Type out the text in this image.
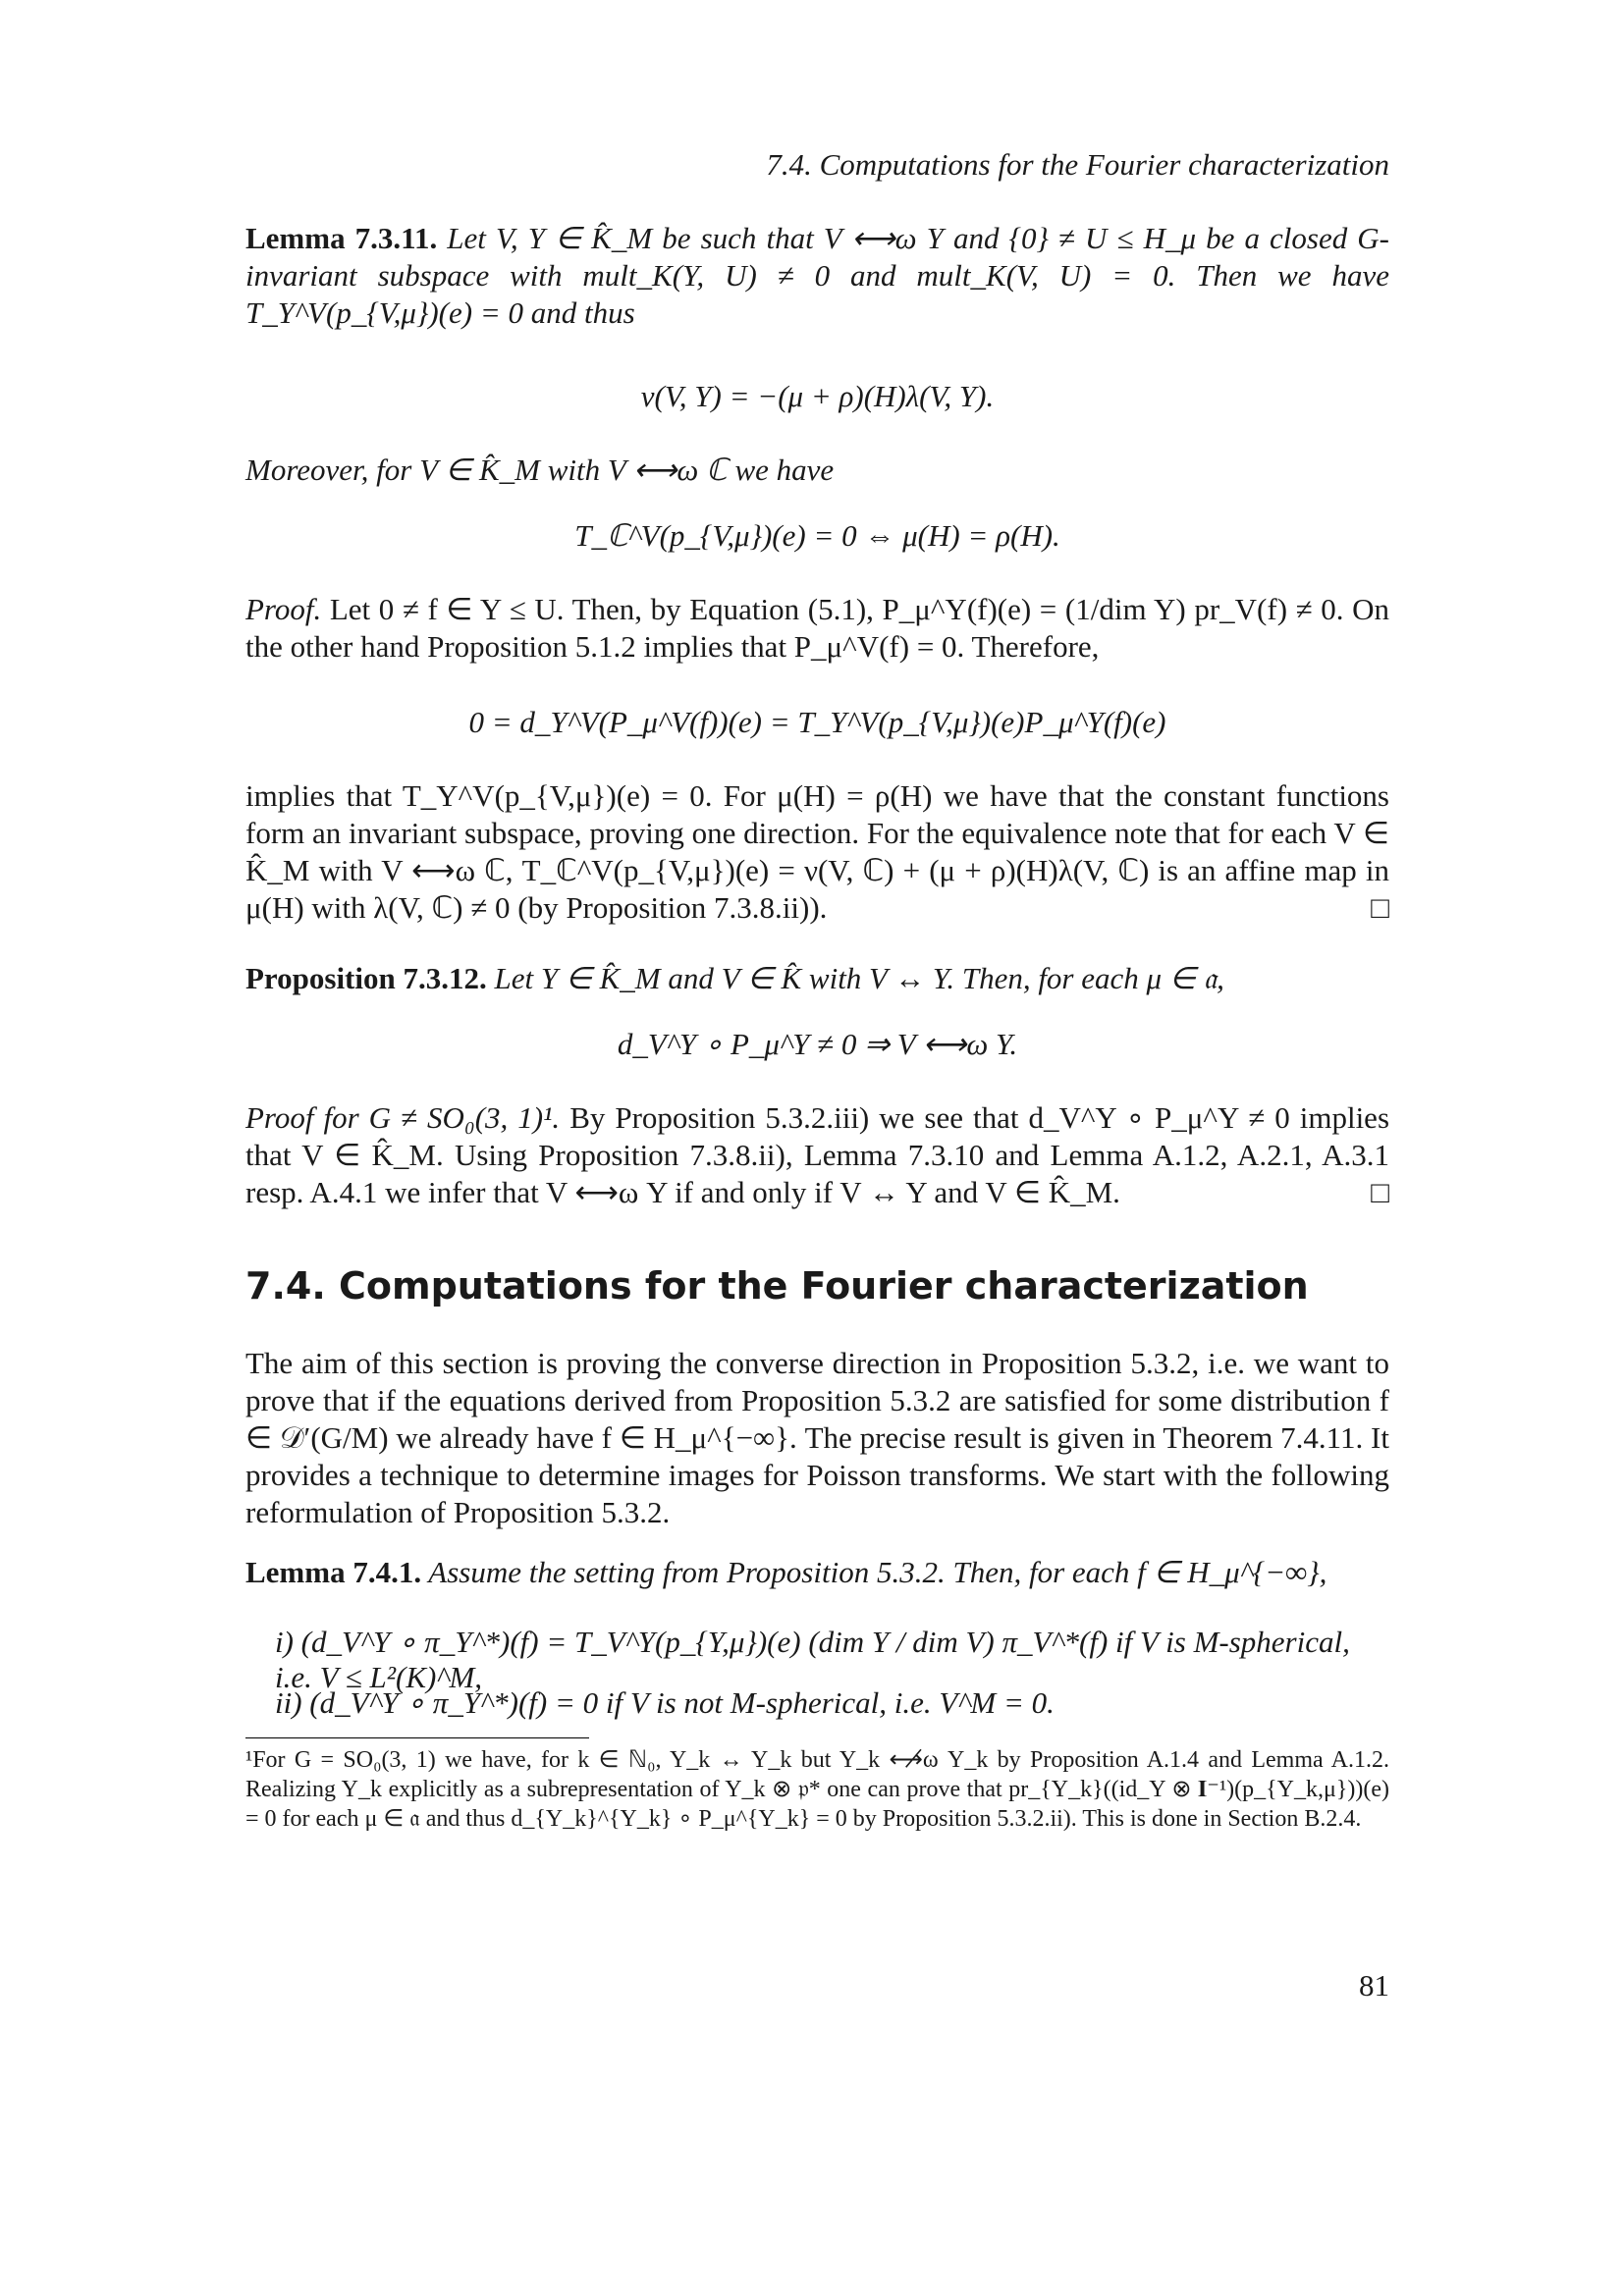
7.4. Computations for the Fourier characterization
Lemma 7.3.11. Let V, Y ∈ K̂_M be such that V ⟷ω Y and {0} ≠ U ≤ H_μ be a closed G-invariant subspace with mult_K(Y, U) ≠ 0 and mult_K(V, U) = 0. Then we have T_Y^V(p_{V,μ})(e) = 0 and thus
ν(V, Y) = −(μ + ρ)(H)λ(V, Y).
Moreover, for V ∈ K̂_M with V ⟷ω ℂ we have
T_ℂ^V(p_{V,μ})(e) = 0 ⇔ μ(H) = ρ(H).
Proof. Let 0 ≠ f ∈ Y ≤ U. Then, by Equation (5.1), P_μ^Y(f)(e) = (1/dim Y) pr_V(f) ≠ 0. On the other hand Proposition 5.1.2 implies that P_μ^V(f) = 0. Therefore,
0 = d_Y^V(P_μ^V(f))(e) = T_Y^V(p_{V,μ})(e)P_μ^Y(f)(e)
implies that T_Y^V(p_{V,μ})(e) = 0. For μ(H) = ρ(H) we have that the constant functions form an invariant subspace, proving one direction. For the equivalence note that for each V ∈ K̂_M with V ⟷ω ℂ, T_ℂ^V(p_{V,μ})(e) = ν(V, ℂ) + (μ + ρ)(H)λ(V, ℂ) is an affine map in μ(H) with λ(V, ℂ) ≠ 0 (by Proposition 7.3.8.ii)).	□
Proposition 7.3.12. Let Y ∈ K̂_M and V ∈ K̂ with V ↔ Y. Then, for each μ ∈ 𝔞,
d_V^Y ∘ P_μ^Y ≠ 0 ⇒ V ⟷ω Y.
Proof for G ≠ SO₀(3, 1)¹. By Proposition 5.3.2.iii) we see that d_V^Y ∘ P_μ^Y ≠ 0 implies that V ∈ K̂_M. Using Proposition 7.3.8.ii), Lemma 7.3.10 and Lemma A.1.2, A.2.1, A.3.1 resp. A.4.1 we infer that V ⟷ω Y if and only if V ↔ Y and V ∈ K̂_M.	□
7.4. Computations for the Fourier characterization
The aim of this section is proving the converse direction in Proposition 5.3.2, i.e. we want to prove that if the equations derived from Proposition 5.3.2 are satisfied for some distribution f ∈ 𝒟′(G/M) we already have f ∈ H_μ^{−∞}. The precise result is given in Theorem 7.4.11. It provides a technique to determine images for Poisson transforms. We start with the following reformulation of Proposition 5.3.2.
Lemma 7.4.1. Assume the setting from Proposition 5.3.2. Then, for each f ∈ H_μ^{−∞},
i) (d_V^Y ∘ π_Y^*)(f) = T_V^Y(p_{Y,μ})(e) (dim Y / dim V) π_V^*(f) if V is M-spherical, i.e. V ≤ L²(K)^M,
ii) (d_V^Y ∘ π_Y^*)(f) = 0 if V is not M-spherical, i.e. V^M = 0.
¹For G = SO₀(3, 1) we have, for k ∈ ℕ₀, Y_k ↔ Y_k but Y_k ⟷̸ω Y_k by Proposition A.1.4 and Lemma A.1.2. Realizing Y_k explicitly as a subrepresentation of Y_k ⊗ 𝔭* one can prove that pr_{Y_k}((id_Y ⊗ 𝐈⁻¹)(p_{Y_k,μ}))(e) = 0 for each μ ∈ 𝔞 and thus d_{Y_k}^{Y_k} ∘ P_μ^{Y_k} = 0 by Proposition 5.3.2.ii). This is done in Section B.2.4.
81
